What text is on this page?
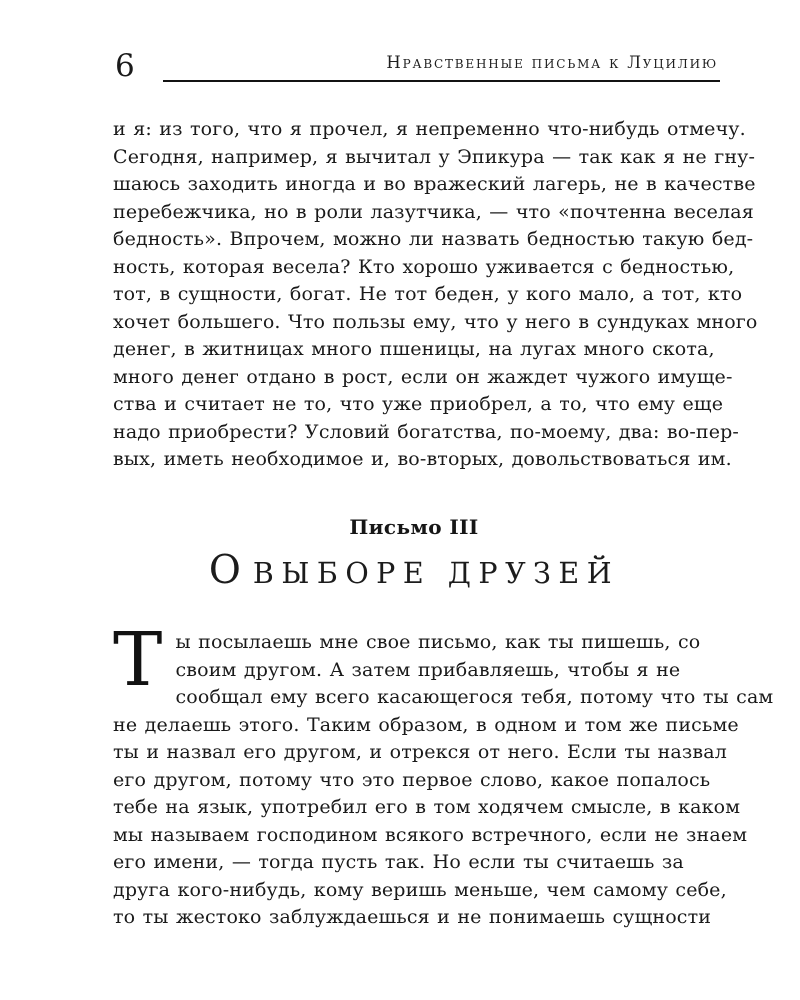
6	Нравственные письма к Луцилию
и я: из того, что я прочел, я непременно что-нибудь отмечу.
Сегодня, например, я вычитал у Эпикура — так как я не гну-
шаюсь заходить иногда и во вражеский лагерь, не в качестве
перебежчика, но в роли лазутчика, — что «почтенна веселая
бедность». Впрочем, можно ли назвать бедностью такую бед-
ность, которая весела? Кто хорошо уживается с бедностью,
тот, в сущности, богат. Не тот беден, у кого мало, а тот, кто
хочет большего. Что пользы ему, что у него в сундуках много
денег, в житницах много пшеницы, на лугах много скота,
много денег отдано в рост, если он жаждет чужого имуще-
ства и считает не то, что уже приобрел, а то, что ему еще
надо приобрести? Условий богатства, по-моему, два: во-пер-
вых, иметь необходимое и, во-вторых, довольствоваться им.
Письмо III
О ВЫБОРЕ ДРУЗЕЙ
Т ы посылаешь мне свое письмо, как ты пишешь, со
своим другом. А затем прибавляешь, чтобы я не
сообщал ему всего касающегося тебя, потому что ты сам
не делаешь этого. Таким образом, в одном и том же письме
ты и назвал его другом, и отрекся от него. Если ты назвал
его другом, потому что это первое слово, какое попалось
тебе на язык, употребил его в том ходячем смысле, в каком
мы называем господином всякого встречного, если не знаем
его имени, — тогда пусть так. Но если ты считаешь за
друга кого-нибудь, кому веришь меньше, чем самому себе,
то ты жестоко заблуждаешься и не понимаешь сущности
